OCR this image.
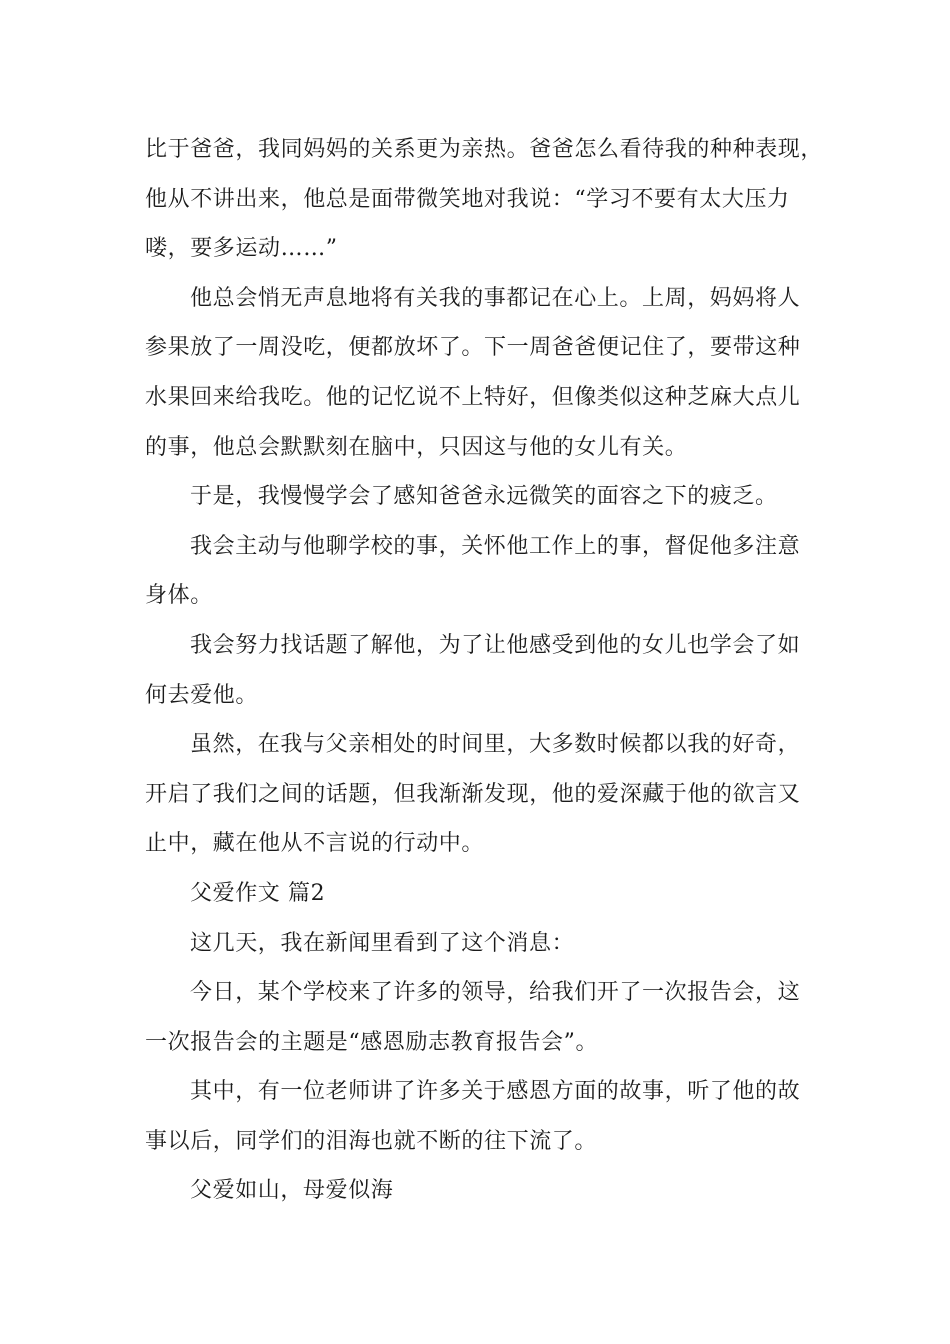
比于爸爸，我同妈妈的关系更为亲热。爸爸怎么看待我的种种表现，
他从不讲出来，他总是面带微笑地对我说：“学习不要有太大压力
喽，要多运动……”

他总会悄无声息地将有关我的事都记在心上。上周，妈妈将人
参果放了一周没吃，便都放坏了。下一周爸爸便记住了，要带这种
水果回来给我吃。他的记忆说不上特好，但像类似这种芝麻大点儿
的事，他总会默默刻在脑中，只因这与他的女儿有关。

于是，我慢慢学会了感知爸爸永远微笑的面容之下的疲乏。

我会主动与他聊学校的事，关怀他工作上的事，督促他多注意
身体。

我会努力找话题了解他，为了让他感受到他的女儿也学会了如
何去爱他。

虽然，在我与父亲相处的时间里，大多数时候都以我的好奇，
开启了我们之间的话题，但我渐渐发现，他的爱深藏于他的欲言又
止中，藏在他从不言说的行动中。

父爱作文 篇2

这几天，我在新闻里看到了这个消息：

今日，某个学校来了许多的领导，给我们开了一次报告会，这
一次报告会的主题是“感恩励志教育报告会”。

其中，有一位老师讲了许多关于感恩方面的故事，听了他的故
事以后，同学们的泪海也就不断的往下流了。

父爱如山，母爱似海
